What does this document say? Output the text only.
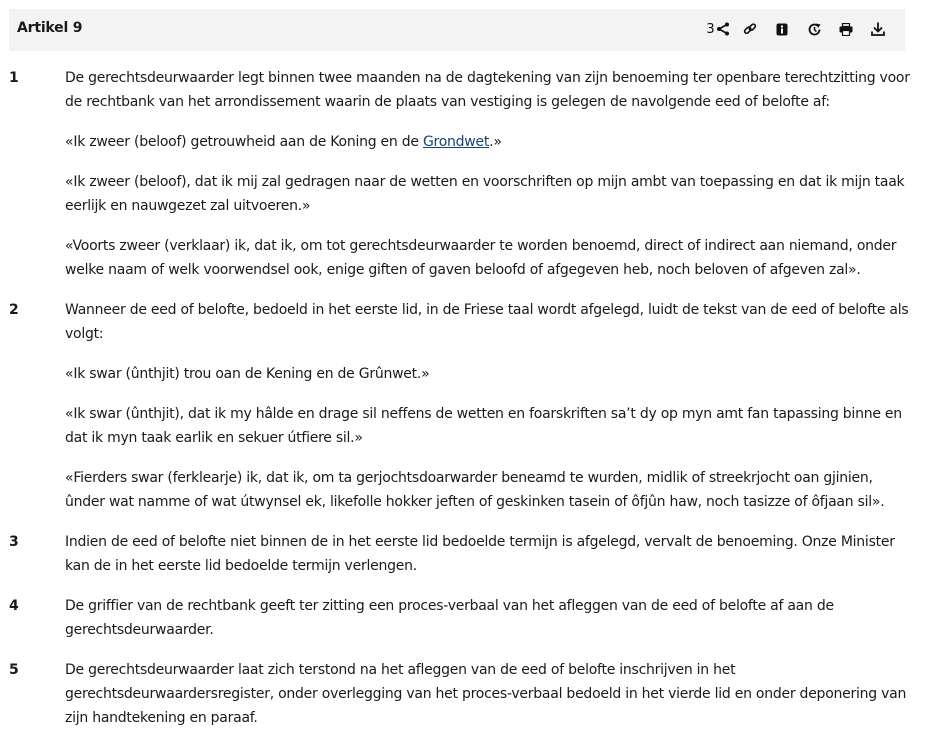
Artikel 9	3
1	De gerechtsdeurwaarder legt binnen twee maanden na de dagtekening van zijn benoeming ter openbare terechtzitting voor de rechtbank van het arrondissement waarin de plaats van vestiging is gelegen de navolgende eed of belofte af:

«Ik zweer (beloof) getrouwheid aan de Koning en de Grondwet.»

«Ik zweer (beloof), dat ik mij zal gedragen naar de wetten en voorschriften op mijn ambt van toepassing en dat ik mijn taak eerlijk en nauwgezet zal uitvoeren.»

«Voorts zweer (verklaar) ik, dat ik, om tot gerechtsdeurwaarder te worden benoemd, direct of indirect aan niemand, onder welke naam of welk voorwendsel ook, enige giften of gaven beloofd of afgegeven heb, noch beloven of afgeven zal».

2	Wanneer de eed of belofte, bedoeld in het eerste lid, in de Friese taal wordt afgelegd, luidt de tekst van de eed of belofte als volgt:

«Ik swar (ûnthjit) trou oan de Kening en de Grûnwet.»

«Ik swar (ûnthjit), dat ik my hâlde en drage sil neffens de wetten en foarskriften sa’t dy op myn amt fan tapassing binne en dat ik myn taak earlik en sekuer útfiere sil.»

«Fierders swar (ferklearje) ik, dat ik, om ta gerjochtsdoarwarder beneamd te wurden, midlik of streekrjocht oan gjinien, ûnder wat namme of wat útwynsel ek, likefolle hokker jeften of geskinken tasein of ôfjûn haw, noch tasizze of ôfjaan sil».

3	Indien de eed of belofte niet binnen de in het eerste lid bedoelde termijn is afgelegd, vervalt de benoeming. Onze Minister kan de in het eerste lid bedoelde termijn verlengen.

4	De griffier van de rechtbank geeft ter zitting een proces-verbaal van het afleggen van de eed of belofte af aan de gerechtsdeurwaarder.

5	De gerechtsdeurwaarder laat zich terstond na het afleggen van de eed of belofte inschrijven in het gerechtsdeurwaardersregister, onder overlegging van het proces-verbaal bedoeld in het vierde lid en onder deponering van zijn handtekening en paraaf.
